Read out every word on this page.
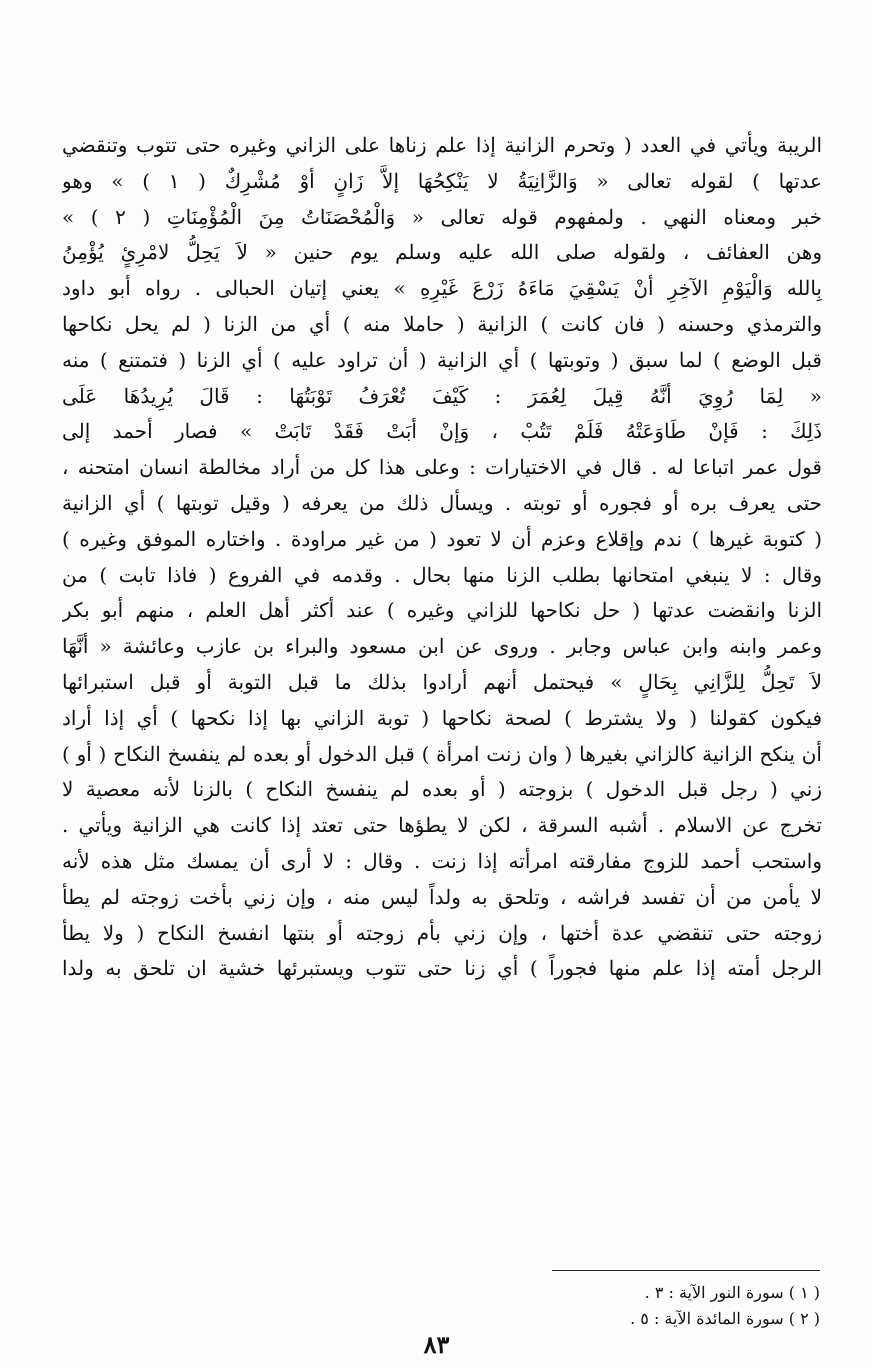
الريبة ويأتي في العدد ( وتحرم الزانية إذا علم زناها على الزاني وغيره حتى تتوب وتنقضي
عدتها ) لقوله تعالى « وَالزَّانِيَةُ لا يَنْكِحُهَا إلاَّ زَانٍ أوْ مُشْرِكٌ ( ١ ) » وهو
خبر ومعناه النهي . ولمفهوم قوله تعالى « وَالْمُحْصَنَاتُ مِنَ الْمُؤْمِنَاتِ ( ٢ ) »
وهن العفائف ، ولقوله صلى الله عليه وسلم يوم حنين « لاَ يَحِلُّ لامْرِئٍ يُؤْمِنُ
بِالله وَالْيَوْمِ الآخِرِ أنْ يَسْقِيَ مَاءَهُ زَرْعَ غَيْرِهِ » يعني إتيان الحبالى . رواه أبو داود
والترمذي وحسنه ( فان كانت ) الزانية ( حاملا منه ) أي من الزنا ( لم يحل نكاحها
قبل الوضع ) لما سبق ( وتوبتها ) أي الزانية ( أن تراود عليه ) أي الزنا ( فتمتنع ) منه
« لِمَا رُوِيَ أنَّهُ قِيلَ لِعُمَرَ : كَيْفَ تُعْرَفُ تَوْبَتُهَا : قَالَ يُرِيدُهَا عَلَى
ذَلِكَ : فَإنْ طَاوَعَتْهُ فَلَمْ تَتُبْ ، وَإنْ أبَتْ فَقَدْ تَابَتْ » فصار أحمد إلى
قول عمر اتباعا له . قال في الاختيارات : وعلى هذا كل من أراد مخالطة انسان امتحنه ،
حتى يعرف بره أو فجوره أو توبته . ويسأل ذلك من يعرفه ( وقيل توبتها ) أي الزانية
( كتوبة غيرها ) ندم وإقلاع وعزم أن لا تعود ( من غير مراودة . واختاره الموفق وغيره )
وقال : لا ينبغي امتحانها بطلب الزنا منها بحال . وقدمه في الفروع ( فاذا تابت ) من
الزنا وانقضت عدتها ( حل نكاحها للزاني وغيره ) عند أكثر أهل العلم ، منهم أبو بكر
وعمر وابنه وابن عباس وجابر . وروى عن ابن مسعود والبراء بن عازب وعائشة « أنَّهَا
لاَ تَحِلُّ لِلزَّانِي بِحَالٍ » فيحتمل أنهم أرادوا بذلك ما قبل التوبة أو قبل استبرائها
فيكون كقولنا ( ولا يشترط ) لصحة نكاحها ( توبة الزاني بها إذا نكحها ) أي إذا أراد
أن ينكح الزانية كالزاني بغيرها ( وان زنت امرأة ) قبل الدخول أو بعده لم ينفسخ النكاح ( أو )
زني ( رجل قبل الدخول ) بزوجته ( أو بعده لم ينفسخ النكاح ) بالزنا لأنه معصية لا
تخرج عن الاسلام . أشبه السرقة ، لكن لا يطؤها حتى تعتد إذا كانت هي الزانية ويأتي .
واستحب أحمد للزوج مفارقته امرأته إذا زنت . وقال : لا أرى أن يمسك مثل هذه لأنه
لا يأمن من أن تفسد فراشه ، وتلحق به ولداً ليس منه ، وإن زني بأخت زوجته لم يطأ
زوجته حتى تنقضي عدة أختها ، وإن زني بأم زوجته أو بنتها انفسخ النكاح ( ولا يطأ
الرجل أمته إذا علم منها فجوراً ) أي زنا حتى تتوب ويستبرئها خشية ان تلحق به ولدا
( ١ ) سورة النور الآية : ٣ .
( ٢ ) سورة المائدة الآية : ٥ .
٨٣
